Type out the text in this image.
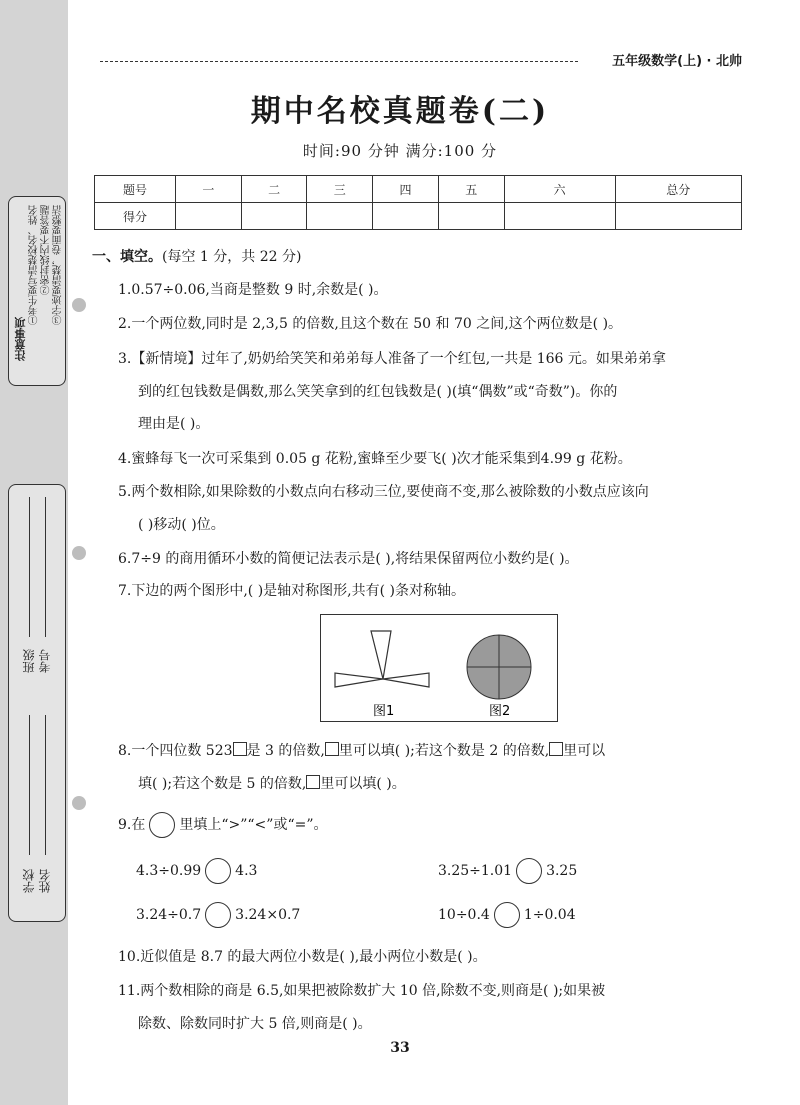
注意事项
①考生要写清楚校名、姓名 ②密封线内不要答题 ③字迹要清楚，卷面要整洁
班级 考号
学校 姓名
五年级数学(上) · 北帅
期中名校真题卷(二)
时间:90 分钟 满分:100 分
题号	一	二	三	四	五	六	总分
得分							
一、填空。(每空 1 分，共 22 分)
1.0.57÷0.06,当商是整数 9 时,余数是( )。
2.一个两位数,同时是 2,3,5 的倍数,且这个数在 50 和 70 之间,这个两位数是( )。
3.【新情境】过年了,奶奶给笑笑和弟弟每人准备了一个红包,一共是 166 元。如果弟弟拿
到的红包钱数是偶数,那么笑笑拿到的红包钱数是( )(填“偶数”或“奇数”)。你的
理由是( )。
4.蜜蜂每飞一次可采集到 0.05 g 花粉,蜜蜂至少要飞( )次才能采集到4.99 g 花粉。
5.两个数相除,如果除数的小数点向右移动三位,要使商不变,那么被除数的小数点应该向
( )移动( )位。
6.7÷9 的商用循环小数的简便记法表示是( ),将结果保留两位小数约是( )。
7.下边的两个图形中,( )是轴对称图形,共有( )条对称轴。
图1	图2
8.一个四位数 523 是 3 的倍数, 里可以填( );若这个数是 2 的倍数, 里可以
填( );若这个数是 5 的倍数, 里可以填( )。
9.在 里填上“>”“<”或“=”。
4.3÷0.99 4.3	3.25÷1.01 3.25
3.24÷0.7 3.24×0.7	10÷0.4 1÷0.04
10.近似值是 8.7 的最大两位小数是( ),最小两位小数是( )。
11.两个数相除的商是 6.5,如果把被除数扩大 10 倍,除数不变,则商是( );如果被
除数、除数同时扩大 5 倍,则商是( )。
33
